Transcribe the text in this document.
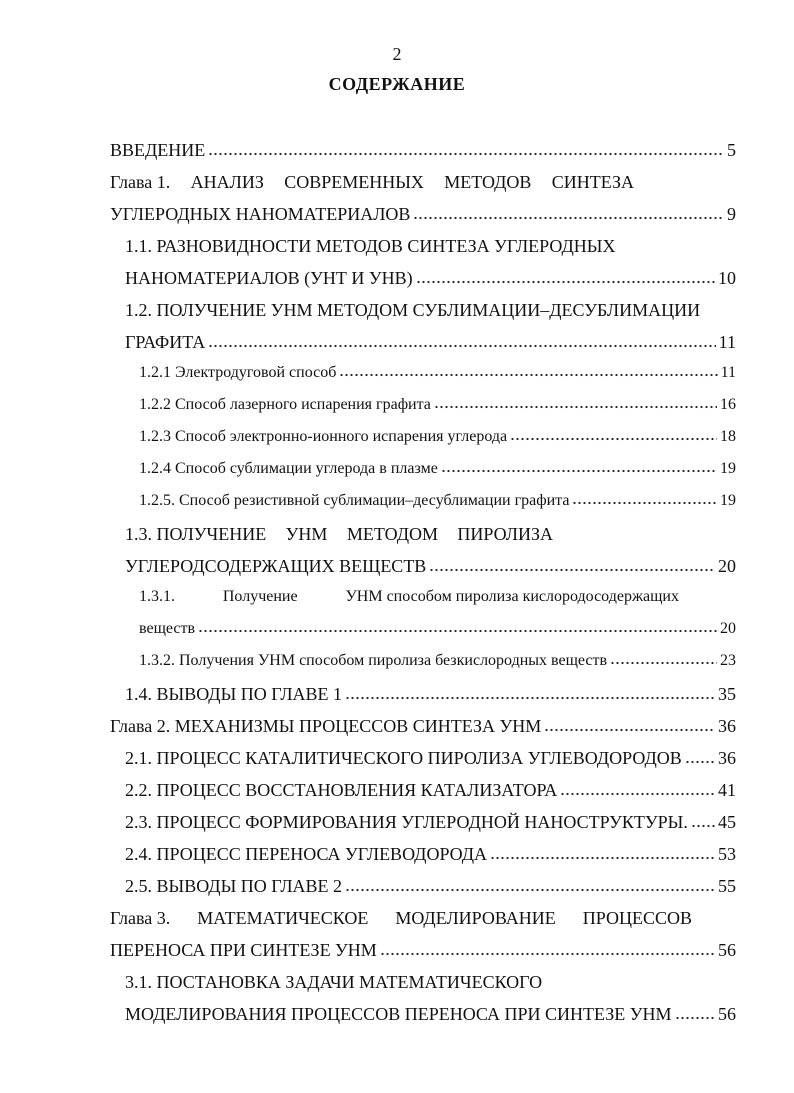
2
СОДЕРЖАНИЕ
ВВЕДЕНИЕ	5
Глава 1. АНАЛИЗ СОВРЕМЕННЫХ МЕТОДОВ СИНТЕЗА
УГЛЕРОДНЫХ НАНОМАТЕРИАЛОВ	9
1.1. РАЗНОВИДНОСТИ МЕТОДОВ СИНТЕЗА УГЛЕРОДНЫХ
НАНОМАТЕРИАЛОВ (УНТ И УНВ)	10
1.2. ПОЛУЧЕНИЕ УНМ МЕТОДОМ СУБЛИМАЦИИ–ДЕСУБЛИМАЦИИ
ГРАФИТА	11
1.2.1 Электродуговой способ	11
1.2.2 Способ лазерного испарения графита	16
1.2.3 Способ электронно-ионного испарения углерода	18
1.2.4 Способ сублимации углерода в плазме	19
1.2.5. Способ резистивной сублимации–десублимации графита	19
1.3. ПОЛУЧЕНИЕ УНМ МЕТОДОМ ПИРОЛИЗА
УГЛЕРОДСОДЕРЖАЩИХ ВЕЩЕСТВ	20
1.3.1.	Получение	УНМ способом пиролиза кислородосодержащих
веществ	20
1.3.2. Получения УНМ способом пиролиза безкислородных веществ	23
1.4. ВЫВОДЫ ПО ГЛАВЕ 1	35
Глава 2. МЕХАНИЗМЫ ПРОЦЕССОВ СИНТЕЗА УНМ	36
2.1. ПРОЦЕСС КАТАЛИТИЧЕСКОГО ПИРОЛИЗА УГЛЕВОДОРОДОВ 36
2.2. ПРОЦЕСС ВОССТАНОВЛЕНИЯ КАТАЛИЗАТОРА	41
2.3. ПРОЦЕСС ФОРМИРОВАНИЯ УГЛЕРОДНОЙ НАНОСТРУКТУРЫ. 45
2.4. ПРОЦЕСС ПЕРЕНОСА УГЛЕВОДОРОДА	53
2.5. ВЫВОДЫ ПО ГЛАВЕ 2	55
Глава 3. МАТЕМАТИЧЕСКОЕ МОДЕЛИРОВАНИЕ ПРОЦЕССОВ
ПЕРЕНОСА ПРИ СИНТЕЗЕ УНМ	56
3.1. ПОСТАНОВКА ЗАДАЧИ МАТЕМАТИЧЕСКОГО
МОДЕЛИРОВАНИЯ ПРОЦЕССОВ ПЕРЕНОСА ПРИ СИНТЕЗЕ УНМ	56
